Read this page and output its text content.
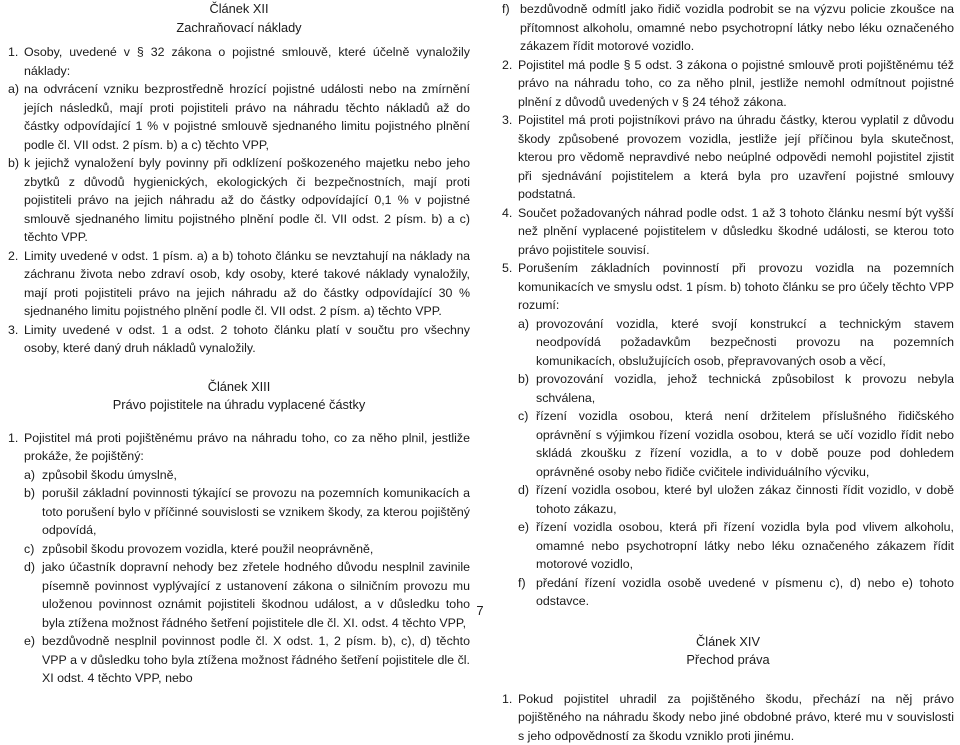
Článek XII
Zachraňovací náklady
1. Osoby, uvedené v § 32 zákona o pojistné smlouvě, které účelně vynaložily náklady:
a) na odvrácení vzniku bezprostředně hrozící pojistné události nebo na zmírnění jejích následků, mají proti pojistiteli právo na náhradu těchto nákladů až do částky odpovídající 1 % v pojistné smlouvě sjednaného limitu pojistného plnění podle čl. VII odst. 2 písm. b) a c) těchto VPP,
b) k jejichž vynaložení byly povinny při odklízení poškozeného majetku nebo jeho zbytků z důvodů hygienických, ekologických či bezpečnostních, mají proti pojistiteli právo na jejich náhradu až do částky odpovídající 0,1 % v pojistné smlouvě sjednaného limitu pojistného plnění podle čl. VII odst. 2 písm. b) a c) těchto VPP.
2. Limity uvedené v odst. 1 písm. a) a b) tohoto článku se nevztahují na náklady na záchranu života nebo zdraví osob, kdy osoby, které takové náklady vynaložily, mají proti pojistiteli právo na jejich náhradu až do částky odpovídající 30 % sjednaného limitu pojistného plnění podle čl. VII odst. 2 písm. a) těchto VPP.
3. Limity uvedené v odst. 1 a odst. 2 tohoto článku platí v součtu pro všechny osoby, které daný druh nákladů vynaložily.
Článek XIII
Právo pojistitele na úhradu vyplacené částky
1. Pojistitel má proti pojištěnému právo na náhradu toho, co za něho plnil, jestliže prokáže, že pojištěný:
a) způsobil škodu úmyslně,
b) porušil základní povinnosti týkající se provozu na pozemních komunikacích a toto porušení bylo v příčinné souvislosti se vznikem škody, za kterou pojištěný odpovídá,
c) způsobil škodu provozem vozidla, které použil neoprávněně,
d) jako účastník dopravní nehody bez zřetele hodného důvodu nesplnil zavinile písemně povinnost vyplývající z ustanovení zákona o silničním provozu mu uloženou povinnost oznámit pojistiteli škodnou událost, a v důsledku toho byla ztížena možnost řádného šetření pojistitele dle čl. XI. odst. 4 těchto VPP,
e) bezdůvodně nesplnil povinnost podle čl. X odst. 1, 2 písm. b), c), d) těchto VPP a v důsledku toho byla ztížena možnost řádného šetření pojistitele dle čl. XI odst. 4 těchto VPP, nebo
f) bezdůvodně odmítl jako řidič vozidla podrobit se na výzvu policie zkoušce na přítomnost alkoholu, omamné nebo psychotropní látky nebo léku označeného zákazem řídit motorové vozidlo.
2. Pojistitel má podle § 5 odst. 3 zákona o pojistné smlouvě proti pojištěnému též právo na náhradu toho, co za něho plnil, jestliže nemohl odmítnout pojistné plnění z důvodů uvedených v § 24 téhož zákona.
3. Pojistitel má proti pojistníkovi právo na úhradu částky, kterou vyplatil z důvodu škody způsobené provozem vozidla, jestliže její příčinou byla skutečnost, kterou pro vědomě nepravdivé nebo neúplné odpovědi nemohl pojistitel zjistit při sjednávání pojistitelem a která byla pro uzavření pojistné smlouvy podstatná.
4. Součet požadovaných náhrad podle odst. 1 až 3 tohoto článku nesmí být vyšší než plnění vyplacené pojistitelem v důsledku škodné události, se kterou toto právo pojistitele souvisí.
5. Porušením základních povinností při provozu vozidla na pozemních komunikacích ve smyslu odst. 1 písm. b) tohoto článku se pro účely těchto VPP rozumí:
a) provozování vozidla, které svojí konstrukcí a technickým stavem neodpovídá požadavkům bezpečnosti provozu na pozemních komunikacích, obslužujících osob, přepravovaných osob a věcí,
b) provozování vozidla, jehož technická způsobilost k provozu nebyla schválena,
c) řízení vozidla osobou, která není držitelem příslušného řidičského oprávnění s výjimkou řízení vozidla osobou, která se učí vozidlo řídit nebo skládá zkoušku z řízení vozidla, a to v době pouze pod dohledem oprávněné osoby nebo řidiče cvičitele individuálního výcviku,
d) řízení vozidla osobou, které byl uložen zákaz činnosti řídit vozidlo, v době tohoto zákazu,
e) řízení vozidla osobou, která při řízení vozidla byla pod vlivem alkoholu, omamné nebo psychotropní látky nebo léku označeného zákazem řídit motorové vozidlo,
f) předání řízení vozidla osobě uvedené v písmenu c), d) nebo e) tohoto odstavce.
Článek XIV
Přechod práva
1. Pokud pojistitel uhradil za pojištěného škodu, přechází na něj právo pojištěného na náhradu škody nebo jiné obdobné právo, které mu v souvislosti s jeho odpovědností za škodu vzniklo proti jinému.
7
